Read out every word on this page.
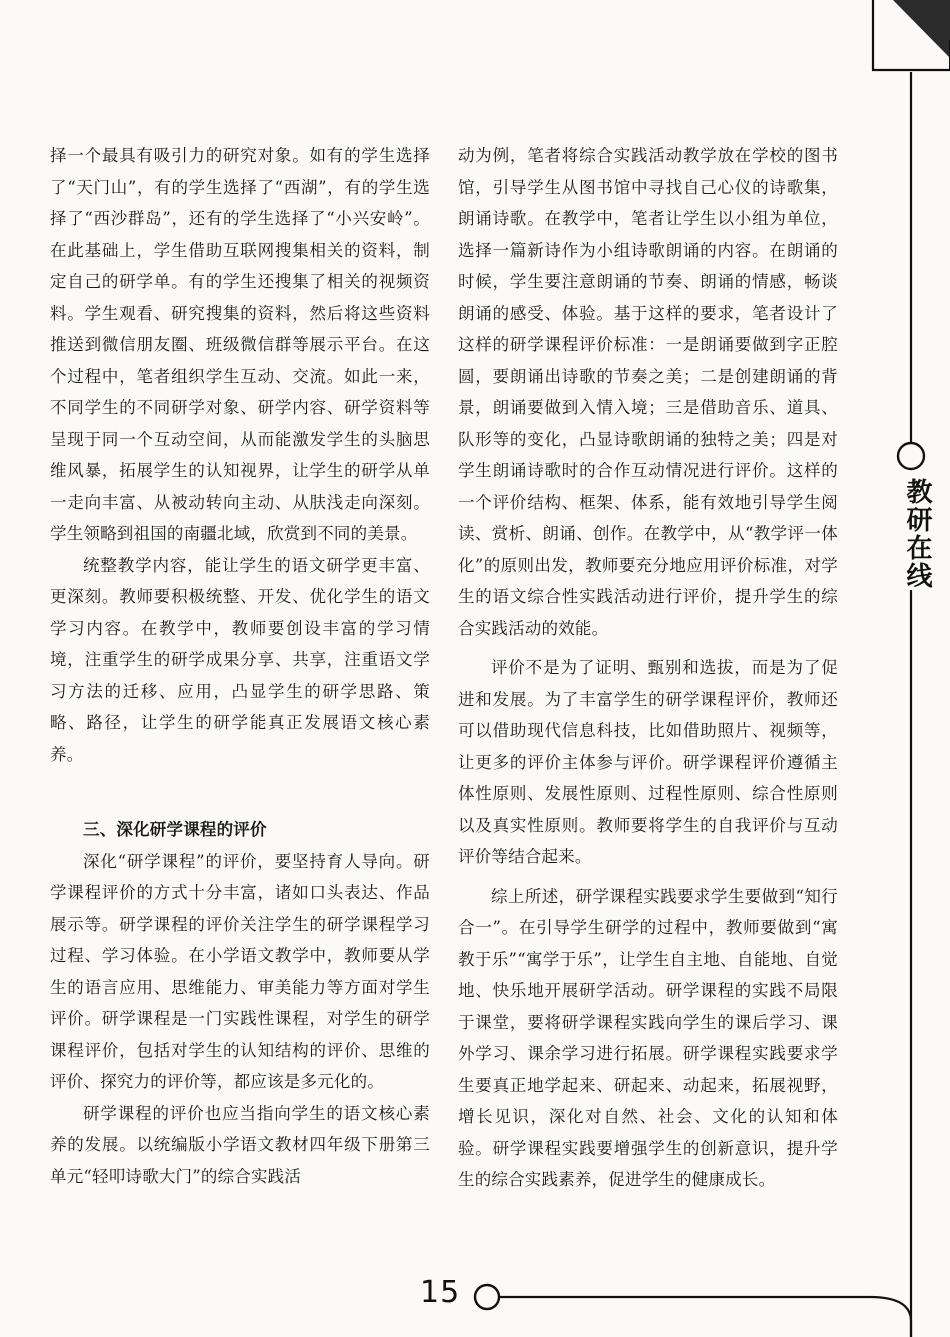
教研在线

择一个最具有吸引力的研究对象。如有的学生选择了“天门山”，有的学生选择了“西湖”，有的学生选择了“西沙群岛”，还有的学生选择了“小兴安岭”。在此基础上，学生借助互联网搜集相关的资料，制定自己的研学单。有的学生还搜集了相关的视频资料。学生观看、研究搜集的资料，然后将这些资料推送到微信朋友圈、班级微信群等展示平台。在这个过程中，笔者组织学生互动、交流。如此一来，不同学生的不同研学对象、研学内容、研学资料等呈现于同一个互动空间，从而能激发学生的头脑思维风暴，拓展学生的认知视界，让学生的研学从单一走向丰富、从被动转向主动、从肤浅走向深刻。学生领略到祖国的南疆北域，欣赏到不同的美景。

统整教学内容，能让学生的语文研学更丰富、更深刻。教师要积极统整、开发、优化学生的语文学习内容。在教学中，教师要创设丰富的学习情境，注重学生的研学成果分享、共享，注重语文学习方法的迁移、应用，凸显学生的研学思路、策略、路径，让学生的研学能真正发展语文核心素养。

三、深化研学课程的评价

深化“研学课程”的评价，要坚持育人导向。研学课程评价的方式十分丰富，诸如口头表达、作品展示等。研学课程的评价关注学生的研学课程学习过程、学习体验。在小学语文教学中，教师要从学生的语言应用、思维能力、审美能力等方面对学生评价。研学课程是一门实践性课程，对学生的研学课程评价，包括对学生的认知结构的评价、思维的评价、探究力的评价等，都应该是多元化的。

研学课程的评价也应当指向学生的语文核心素养的发展。以统编版小学语文教材四年级下册第三单元“轻叩诗歌大门”的综合实践活

动为例，笔者将综合实践活动教学放在学校的图书馆，引导学生从图书馆中寻找自己心仪的诗歌集，朗诵诗歌。在教学中，笔者让学生以小组为单位，选择一篇新诗作为小组诗歌朗诵的内容。在朗诵的时候，学生要注意朗诵的节奏、朗诵的情感，畅谈朗诵的感受、体验。基于这样的要求，笔者设计了这样的研学课程评价标准：一是朗诵要做到字正腔圆，要朗诵出诗歌的节奏之美；二是创建朗诵的背景，朗诵要做到入情入境；三是借助音乐、道具、队形等的变化，凸显诗歌朗诵的独特之美；四是对学生朗诵诗歌时的合作互动情况进行评价。这样的一个评价结构、框架、体系，能有效地引导学生阅读、赏析、朗诵、创作。在教学中，从“教学评一体化”的原则出发，教师要充分地应用评价标准，对学生的语文综合性实践活动进行评价，提升学生的综合实践活动的效能。

评价不是为了证明、甄别和选拔，而是为了促进和发展。为了丰富学生的研学课程评价，教师还可以借助现代信息科技，比如借助照片、视频等，让更多的评价主体参与评价。研学课程评价遵循主体性原则、发展性原则、过程性原则、综合性原则以及真实性原则。教师要将学生的自我评价与互动评价等结合起来。

综上所述，研学课程实践要求学生要做到“知行合一”。在引导学生研学的过程中，教师要做到“寓教于乐”“寓学于乐”，让学生自主地、自能地、自觉地、快乐地开展研学活动。研学课程的实践不局限于课堂，要将研学课程实践向学生的课后学习、课外学习、课余学习进行拓展。研学课程实践要求学生要真正地学起来、研起来、动起来，拓展视野，增长见识，深化对自然、社会、文化的认知和体验。研学课程实践要增强学生的创新意识，提升学生的综合实践素养，促进学生的健康成长。

15
